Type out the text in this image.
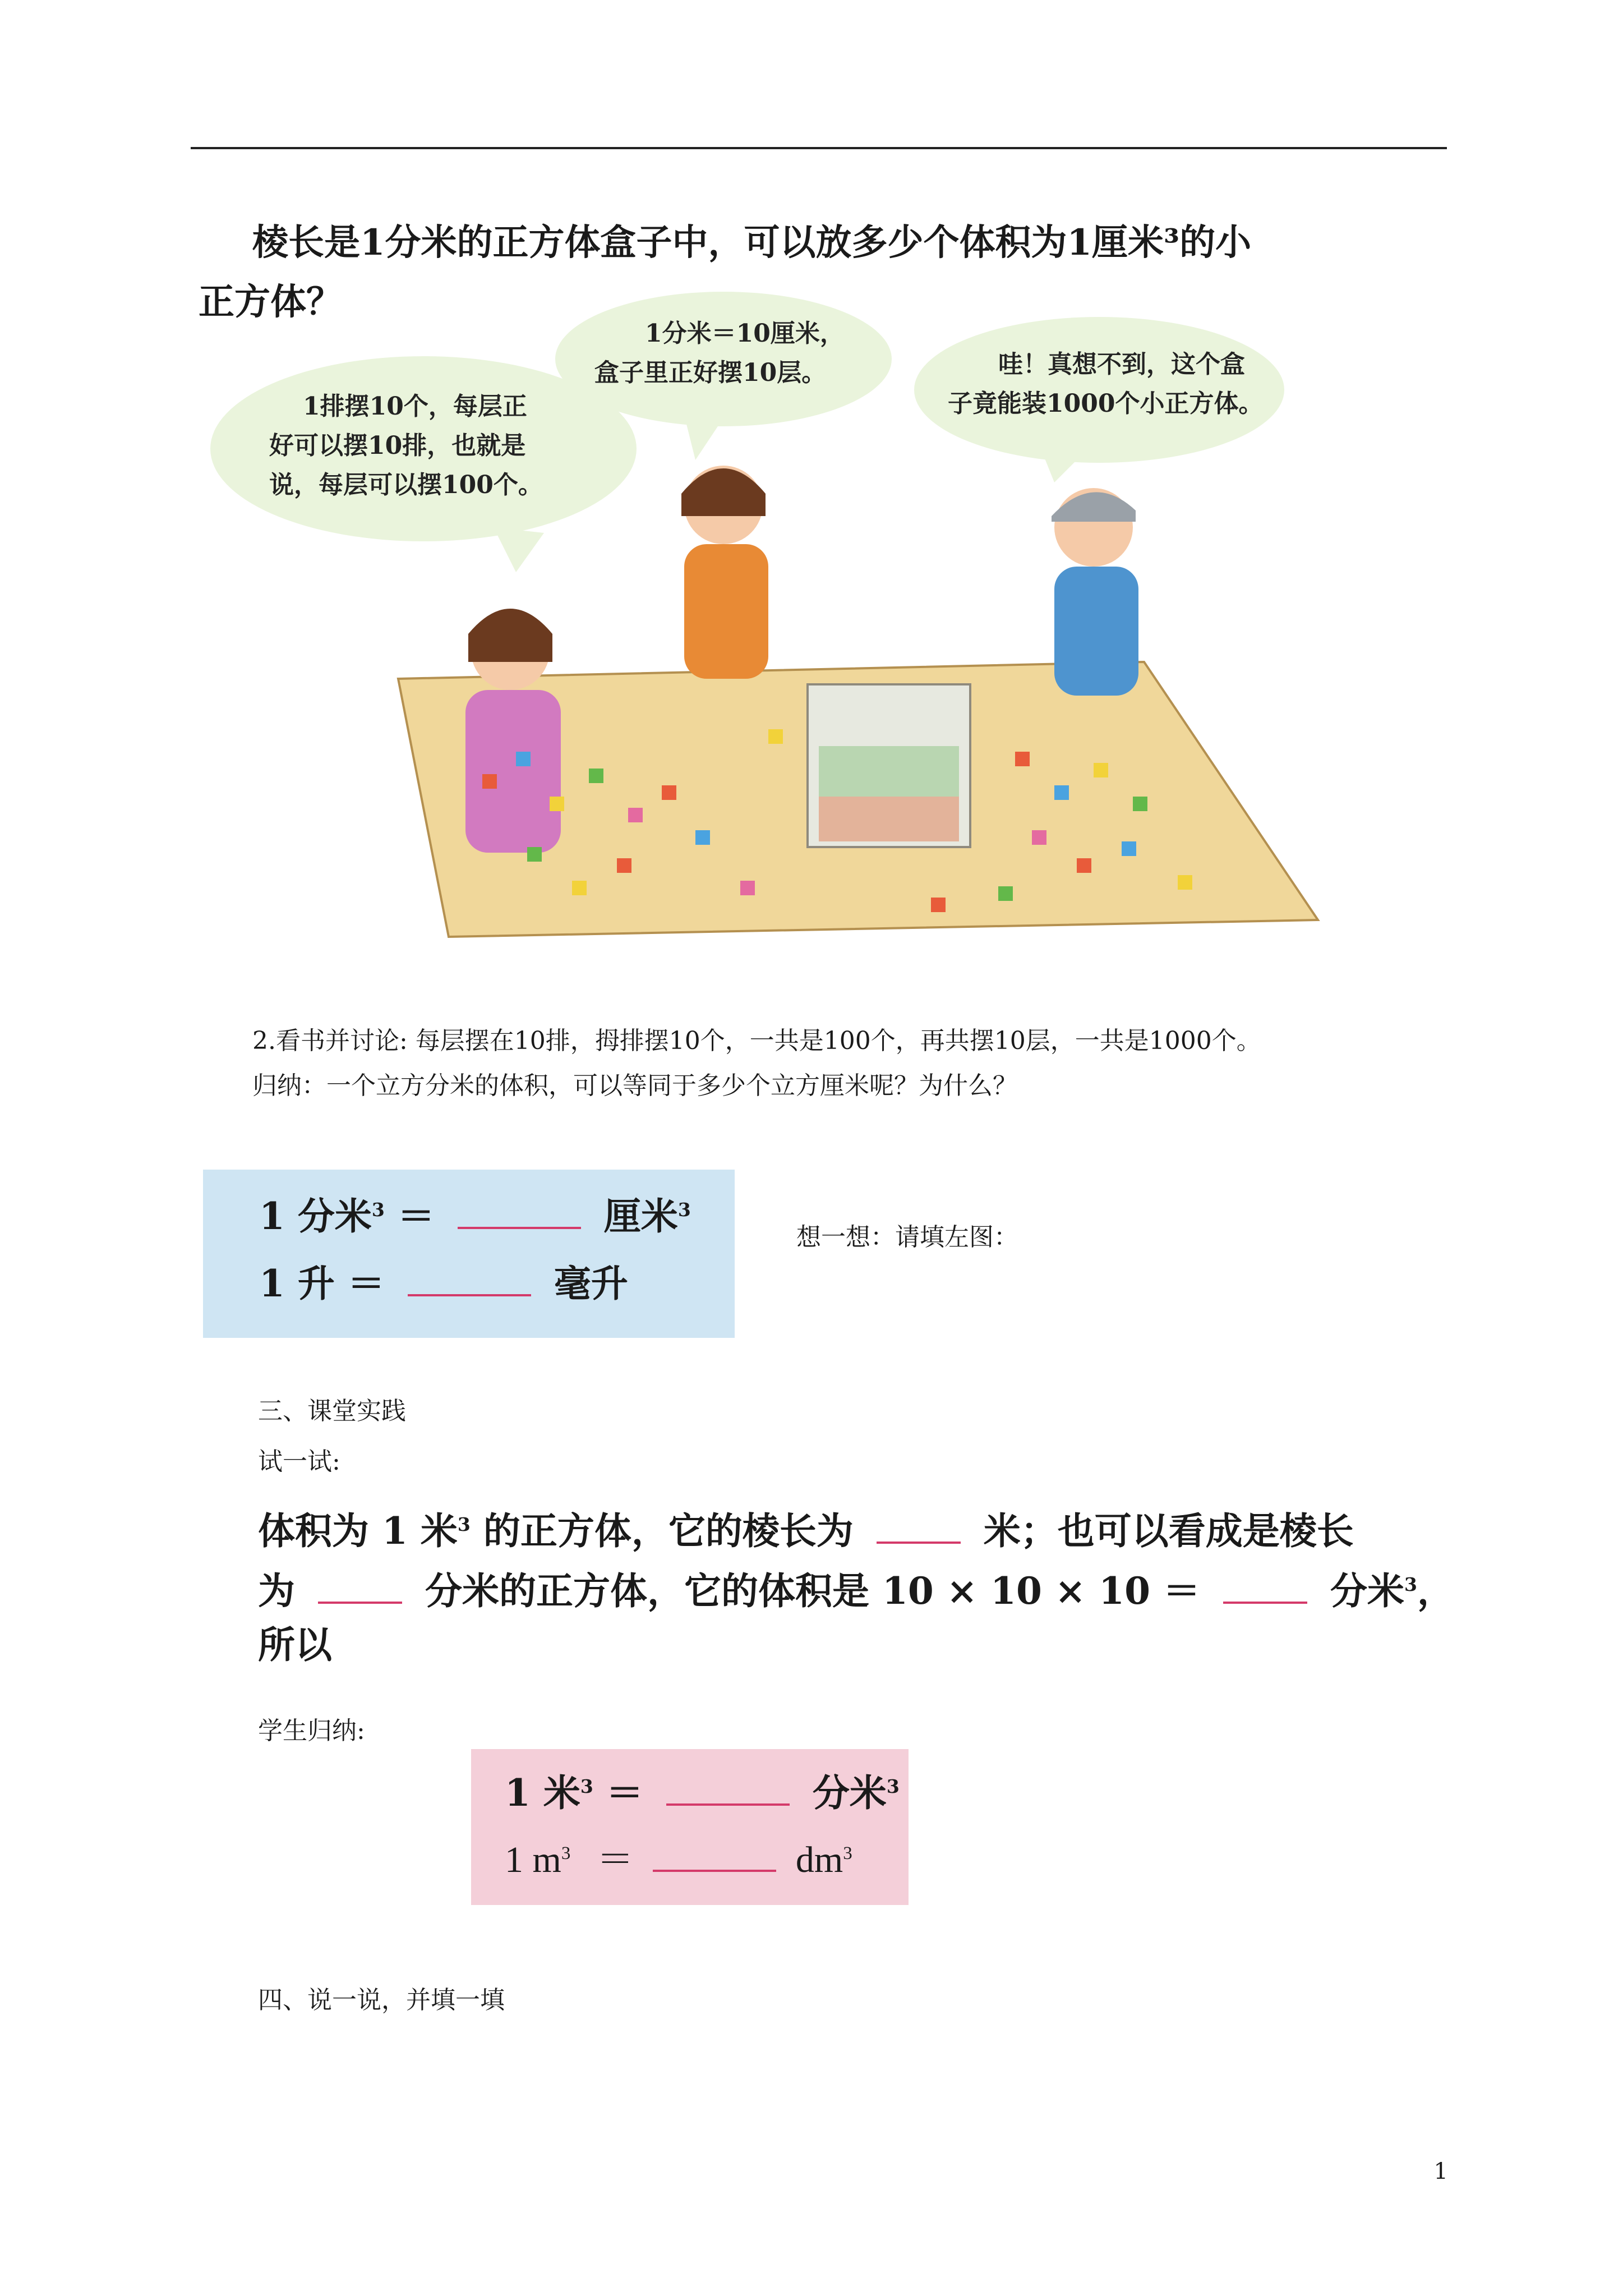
棱长是1分米的正方体盒子中，可以放多少个体积为1厘米³的小
正方体？
1排摆10个，每层正
好可以摆10排，也就是
说，每层可以摆100个。
1分米＝10厘米，
盒子里正好摆10层。	哇！真想不到，这个盒
子竟能装1000个小正方体。
2.看书并讨论: 每层摆在10排，拇排摆10个，一共是100个，再共摆10层，一共是1000个。
归纳：一个立方分米的体积，可以等同于多少个立方厘米呢？为什么？
1 分米$^3$ ＝	厘米$^3$
1 升 ＝	毫升
想一想：请填左图：
三、课堂实践
试一试:
体积为 1 米$^3$ 的正方体，它的棱长为	米；也可以看成是棱长
为	分米的正方体，它的体积是 10 × 10 × 10 ＝	分米$^3$，
所以
学生归纳:
1 米$^3$ ＝	分米$^3$
1 $m^3$ ＝	$dm^3$
四、说一说，并填一填
1
